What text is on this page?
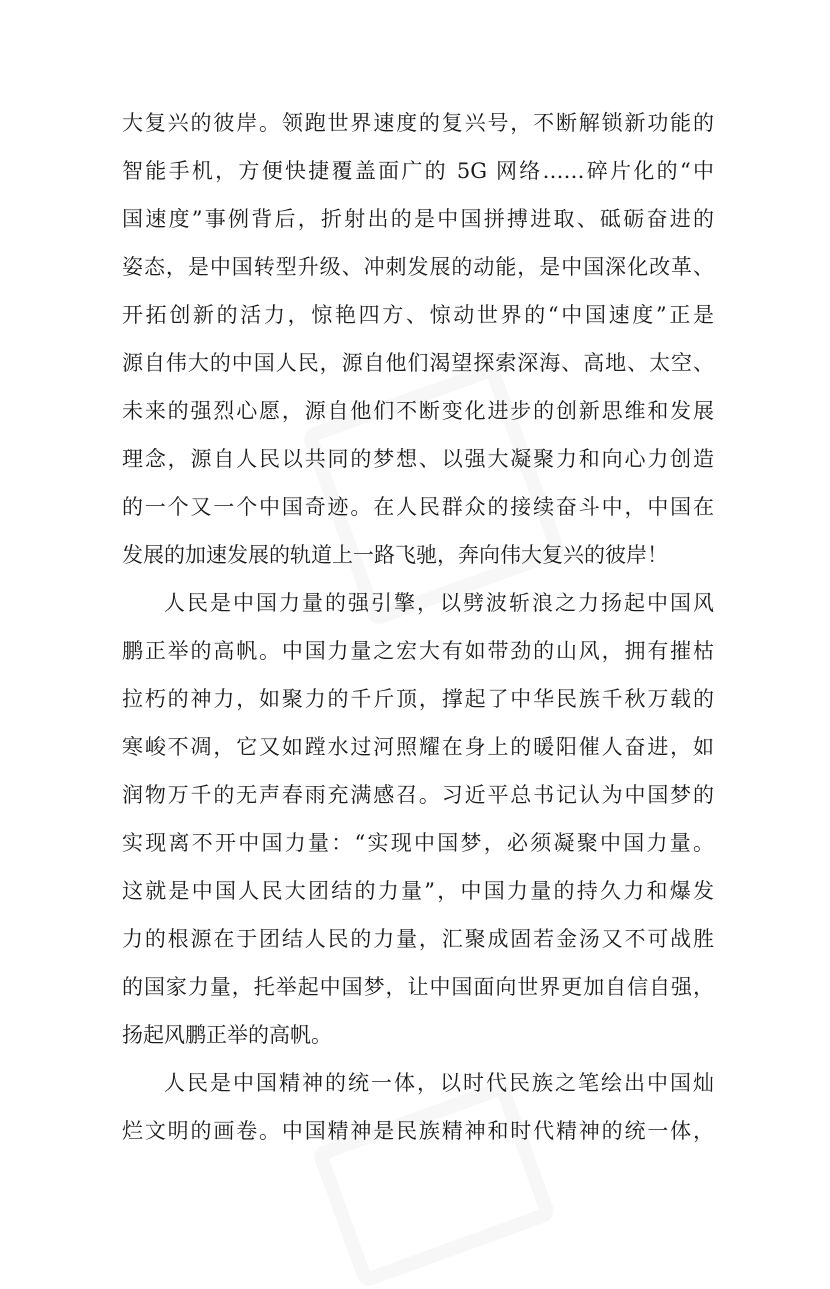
大复兴的彼岸。领跑世界速度的复兴号，不断解锁新功能的
智能手机，方便快捷覆盖面广的 5G 网络……碎片化的“中
国速度”事例背后，折射出的是中国拼搏进取、砥砺奋进的
姿态，是中国转型升级、冲刺发展的动能，是中国深化改革、
开拓创新的活力，惊艳四方、惊动世界的“中国速度”正是
源自伟大的中国人民，源自他们渴望探索深海、高地、太空、
未来的强烈心愿，源自他们不断变化进步的创新思维和发展
理念，源自人民以共同的梦想、以强大凝聚力和向心力创造
的一个又一个中国奇迹。在人民群众的接续奋斗中，中国在
发展的加速发展的轨道上一路飞驰，奔向伟大复兴的彼岸！
人民是中国力量的强引擎，以劈波斩浪之力扬起中国风
鹏正举的高帆。中国力量之宏大有如带劲的山风，拥有摧枯
拉朽的神力，如聚力的千斤顶，撑起了中华民族千秋万载的
寒峻不凋，它又如蹚水过河照耀在身上的暖阳催人奋进，如
润物万千的无声春雨充满感召。习近平总书记认为中国梦的
实现离不开中国力量：“实现中国梦，必须凝聚中国力量。
这就是中国人民大团结的力量”，中国力量的持久力和爆发
力的根源在于团结人民的力量，汇聚成固若金汤又不可战胜
的国家力量，托举起中国梦，让中国面向世界更加自信自强，
扬起风鹏正举的高帆。
人民是中国精神的统一体，以时代民族之笔绘出中国灿
烂文明的画卷。中国精神是民族精神和时代精神的统一体，
